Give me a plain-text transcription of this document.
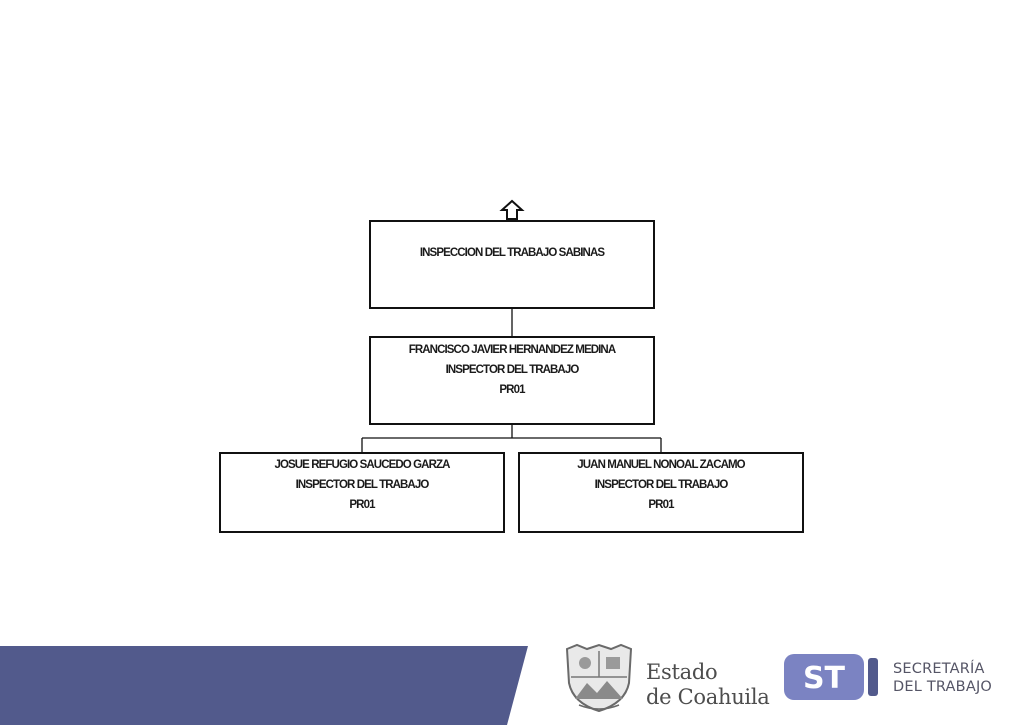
INSPECCION DEL TRABAJO SABINAS
FRANCISCO JAVIER HERNANDEZ MEDINA
INSPECTOR DEL TRABAJO
PR01
JOSUE REFUGIO SAUCEDO GARZA
INSPECTOR DEL TRABAJO
PR01
JUAN MANUEL NONOAL ZACAMO
INSPECTOR DEL TRABAJO
PR01
Estado
de Coahuila
ST	SECRETARÍA
DEL TRABAJO
